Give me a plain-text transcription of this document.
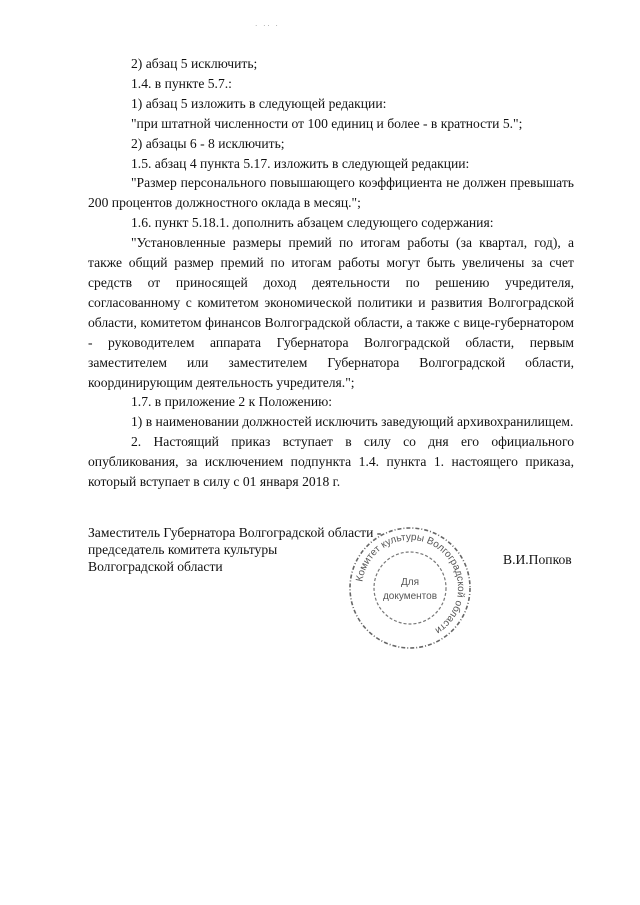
· ·· ·

2) абзац 5 исключить;

1.4. в пункте 5.7.:

1) абзац 5 изложить в следующей редакции:

"при штатной численности от 100 единиц и более - в кратности 5.";

2) абзацы 6 - 8 исключить;

1.5. абзац 4 пункта 5.17. изложить в следующей редакции:

"Размер персонального повышающего коэффициента не должен превышать 200 процентов должностного оклада в месяц.";

1.6. пункт 5.18.1. дополнить абзацем следующего содержания:

"Установленные размеры премий по итогам работы (за квартал, год), а также общий размер премий по итогам работы могут быть увеличены за счет средств от приносящей доход деятельности по решению учредителя, согласованному с комитетом экономической политики и развития Волгоградской области, комитетом финансов Волгоградской области, а также с вице-губернатором - руководителем аппарата Губернатора Волгоградской области, первым заместителем или заместителем Губернатора Волгоградской области, координирующим деятельность учредителя.";

1.7. в приложение 2 к Положению:

1) в наименовании должностей исключить заведующий архивохранилищем.

2. Настоящий приказ вступает в силу со дня его официального опубликования, за исключением подпункта 1.4. пункта 1. настоящего приказа, который вступает в силу с 01 января 2018 г.

Заместитель Губернатора Волгоградской области -
председатель комитета культуры
Волгоградской области
Комитет культуры Волгоградской области
Для
документов
В.И.Попков
